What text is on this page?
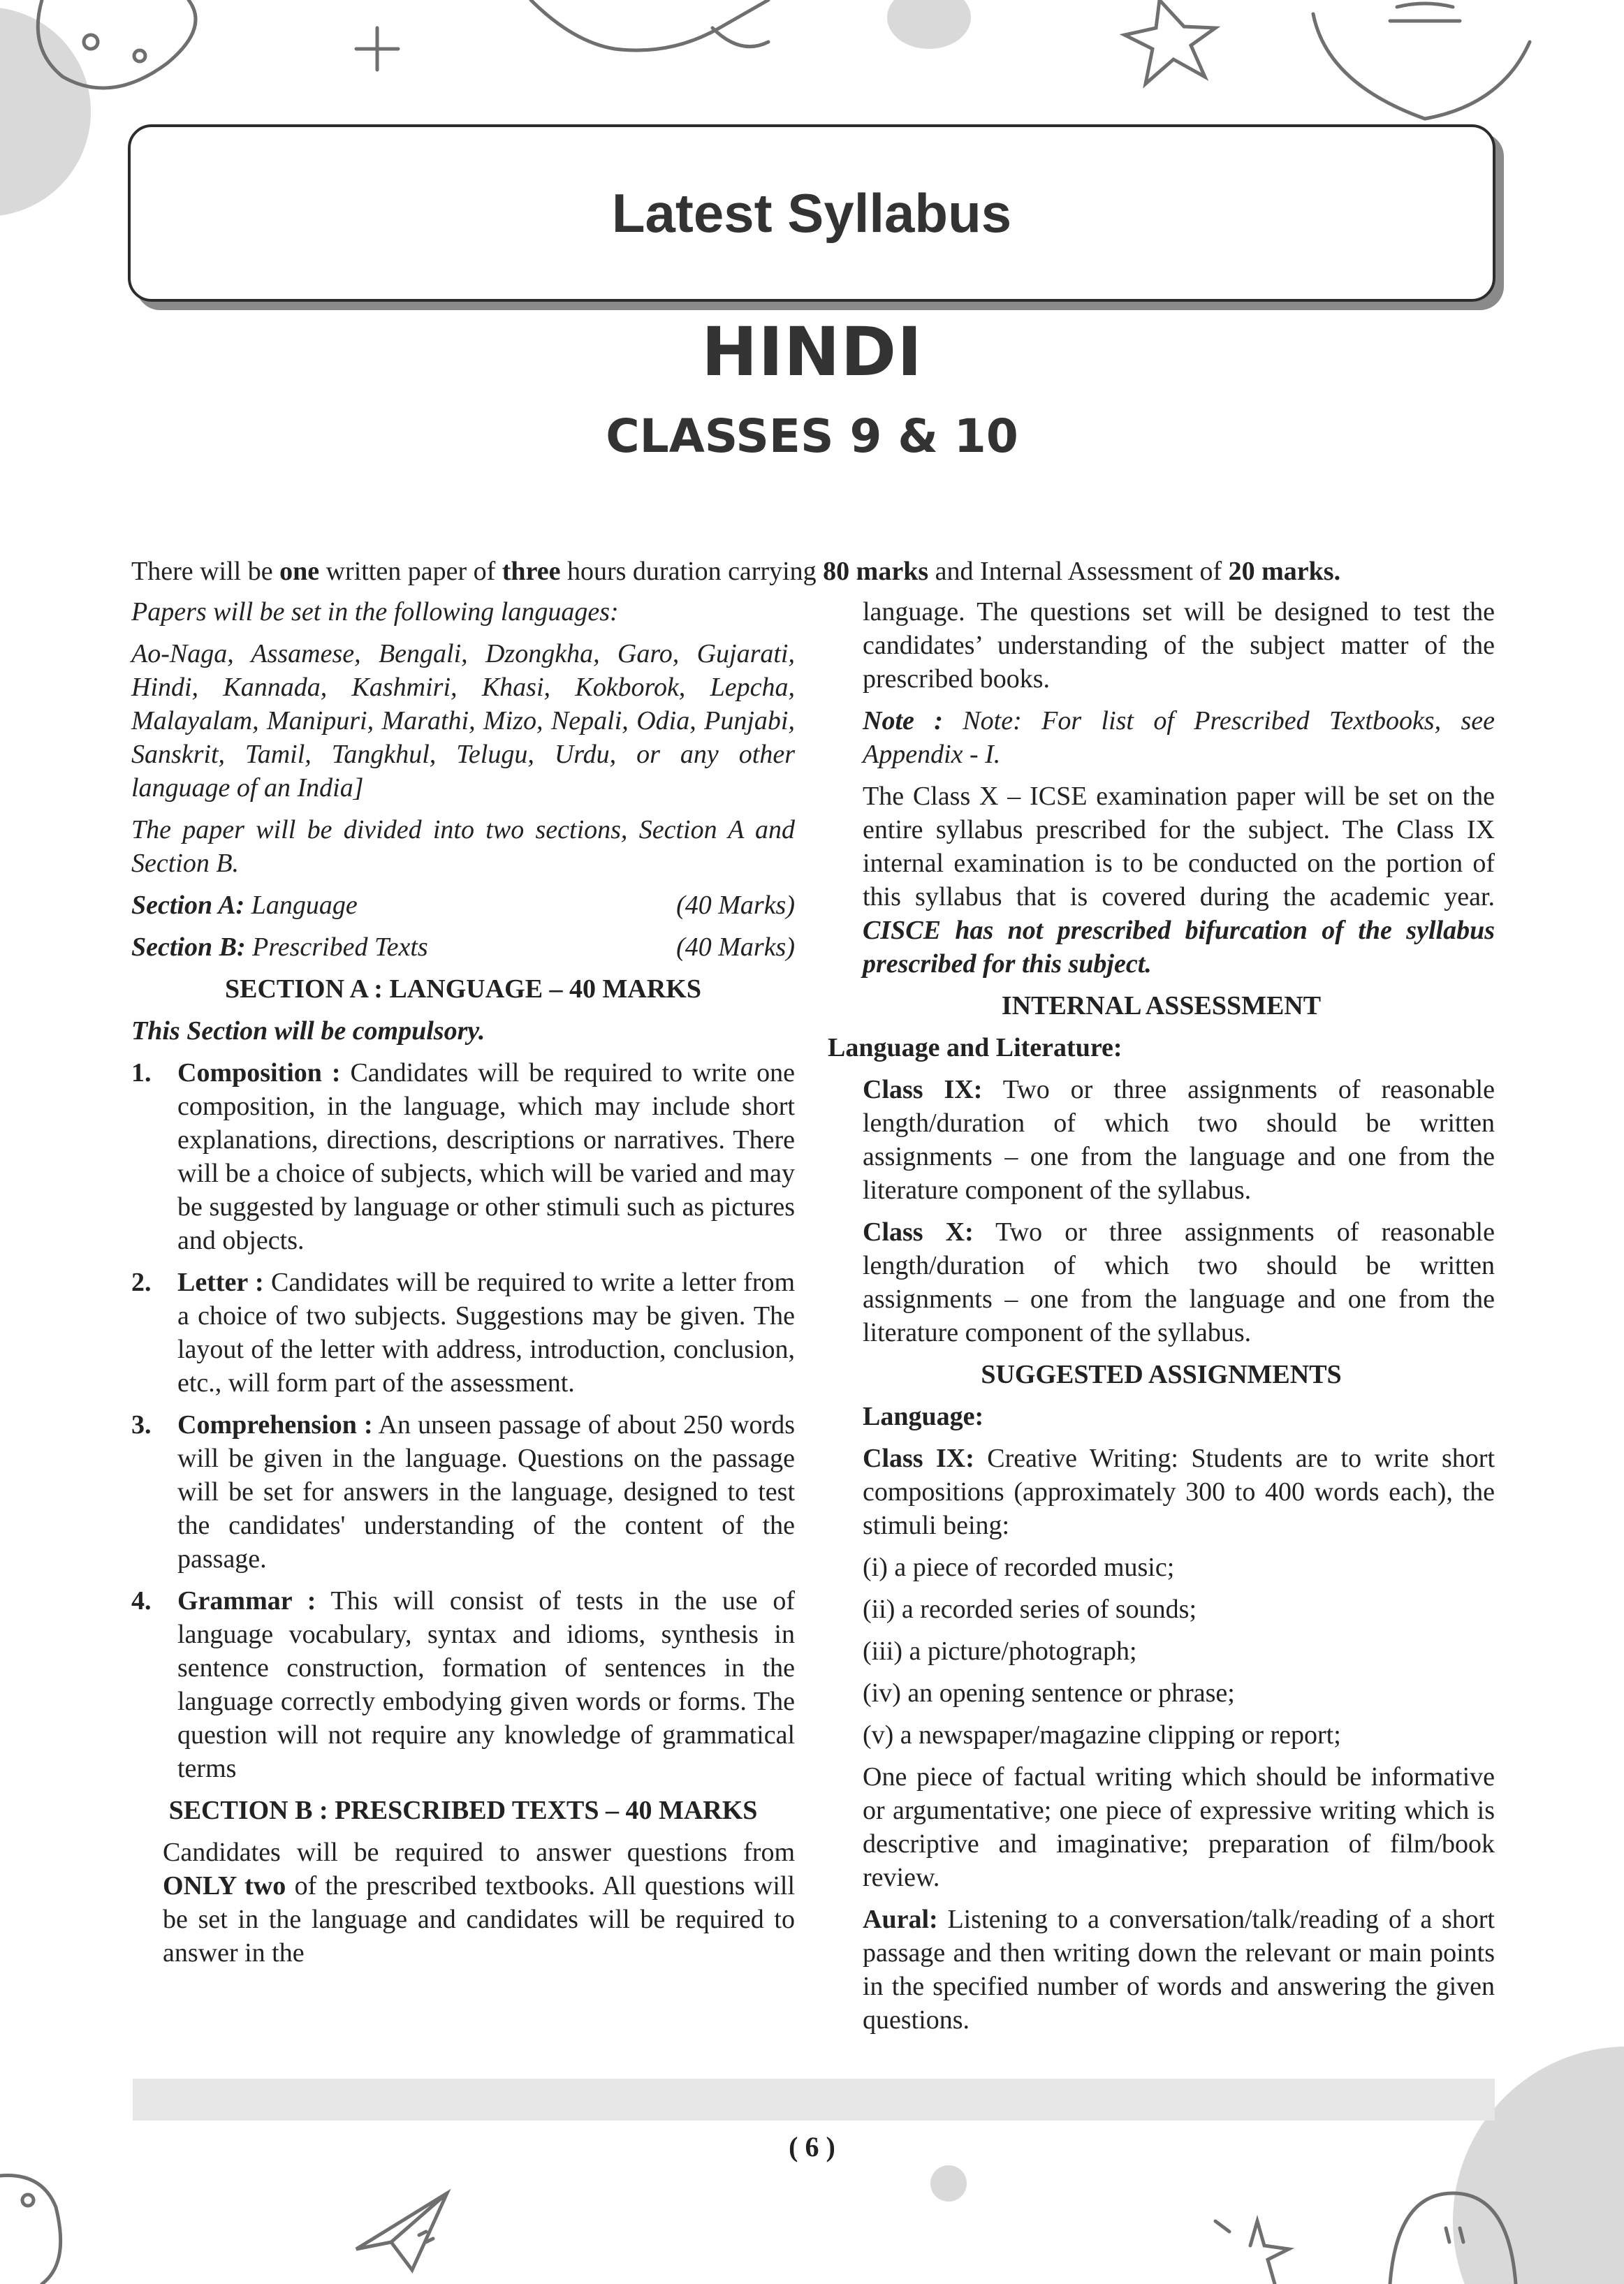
Latest Syllabus
HINDI
CLASSES 9 & 10
There will be one written paper of three hours duration carrying 80 marks and Internal Assessment of 20 marks.

Papers will be set in the following languages:

Ao-Naga, Assamese, Bengali, Dzongkha, Garo, Gujarati, Hindi, Kannada, Kashmiri, Khasi, Kokborok, Lepcha, Malayalam, Manipuri, Marathi, Mizo, Nepali, Odia, Punjabi, Sanskrit, Tamil, Tangkhul, Telugu, Urdu, or any other language of an India]

The paper will be divided into two sections, Section A and Section B.

Section A: Language	(40 Marks)
Section B: Prescribed Texts	(40 Marks)
SECTION A : LANGUAGE – 40 MARKS

This Section will be compulsory.

1. Composition : Candidates will be required to write one composition, in the language, which may include short explanations, directions, descriptions or narratives. There will be a choice of subjects, which will be varied and may be suggested by language or other stimuli such as pictures and objects.
2. Letter : Candidates will be required to write a letter from a choice of two subjects. Suggestions may be given. The layout of the letter with address, introduction, conclusion, etc., will form part of the assessment.
3. Comprehension : An unseen passage of about 250 words will be given in the language. Questions on the passage will be set for answers in the language, designed to test the candidates' understanding of the content of the passage.
4. Grammar : This will consist of tests in the use of language vocabulary, syntax and idioms, synthesis in sentence construction, formation of sentences in the language correctly embodying given words or forms. The question will not require any knowledge of grammatical terms
SECTION B : PRESCRIBED TEXTS – 40 MARKS

Candidates will be required to answer questions from ONLY two of the prescribed textbooks. All questions will be set in the language and candidates will be required to answer in the

language. The questions set will be designed to test the candidates’ understanding of the subject matter of the prescribed books.

Note : Note: For list of Prescribed Textbooks, see Appendix - I.

The Class X – ICSE examination paper will be set on the entire syllabus prescribed for the subject. The Class IX internal examination is to be conducted on the portion of this syllabus that is covered during the academic year. CISCE has not prescribed bifurcation of the syllabus prescribed for this subject.

INTERNAL ASSESSMENT

Language and Literature:

Class IX: Two or three assignments of reasonable length/duration of which two should be written assignments – one from the language and one from the literature component of the syllabus.

Class X: Two or three assignments of reasonable length/duration of which two should be written assignments – one from the language and one from the literature component of the syllabus.

SUGGESTED ASSIGNMENTS

Language:

Class IX: Creative Writing: Students are to write short compositions (approximately 300 to 400 words each), the stimuli being:

(i) a piece of recorded music;

(ii) a recorded series of sounds;

(iii) a picture/photograph;

(iv) an opening sentence or phrase;

(v) a newspaper/magazine clipping or report;

One piece of factual writing which should be informative or argumentative; one piece of expressive writing which is descriptive and imaginative; preparation of film/book review.

Aural: Listening to a conversation/talk/reading of a short passage and then writing down the relevant or main points in the specified number of words and answering the given questions.

( 6 )
